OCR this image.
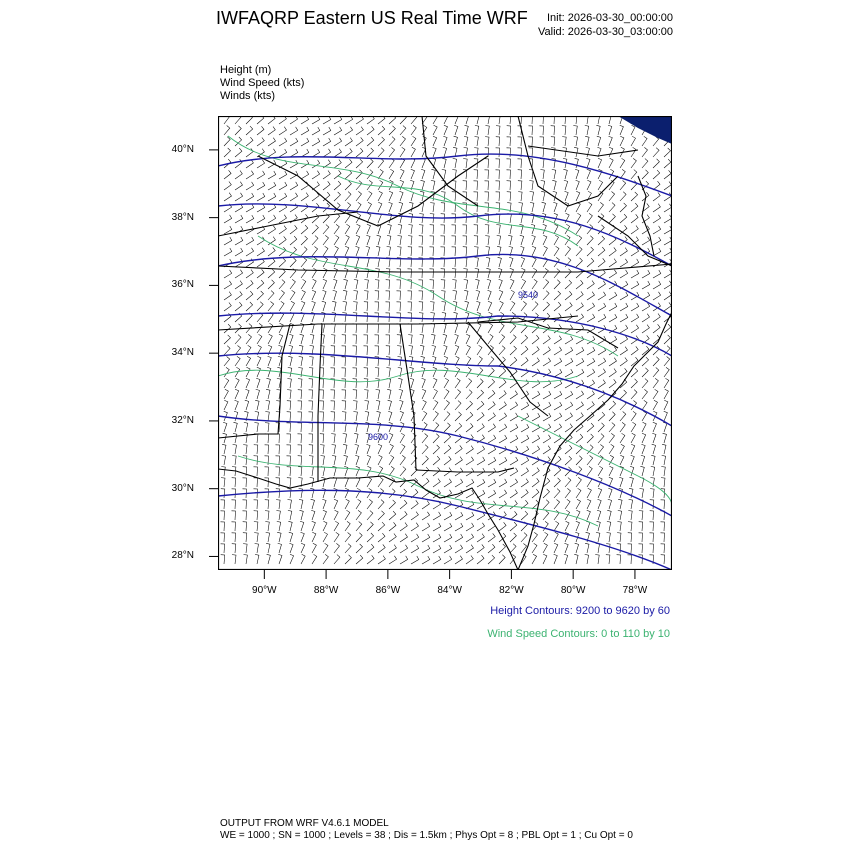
IWFAQRP Eastern US Real Time WRF Init: 2026-03-30_00:00:00
Valid: 2026-03-30_03:00:00
Height (m)
Wind Speed (kts)
Winds (kts)
9540
9600
40°N
38°N
36°N
34°N
32°N
30°N
28°N
90°W	88°W	86°W	84°W	82°W	80°W	78°W
Height Contours: 9200 to 9620 by 60
Wind Speed Contours: 0 to 110 by 10
OUTPUT FROM WRF V4.6.1 MODEL
WE = 1000 ; SN = 1000 ; Levels = 38 ; Dis = 1.5km ; Phys Opt = 8 ; PBL Opt = 1 ; Cu Opt = 0
